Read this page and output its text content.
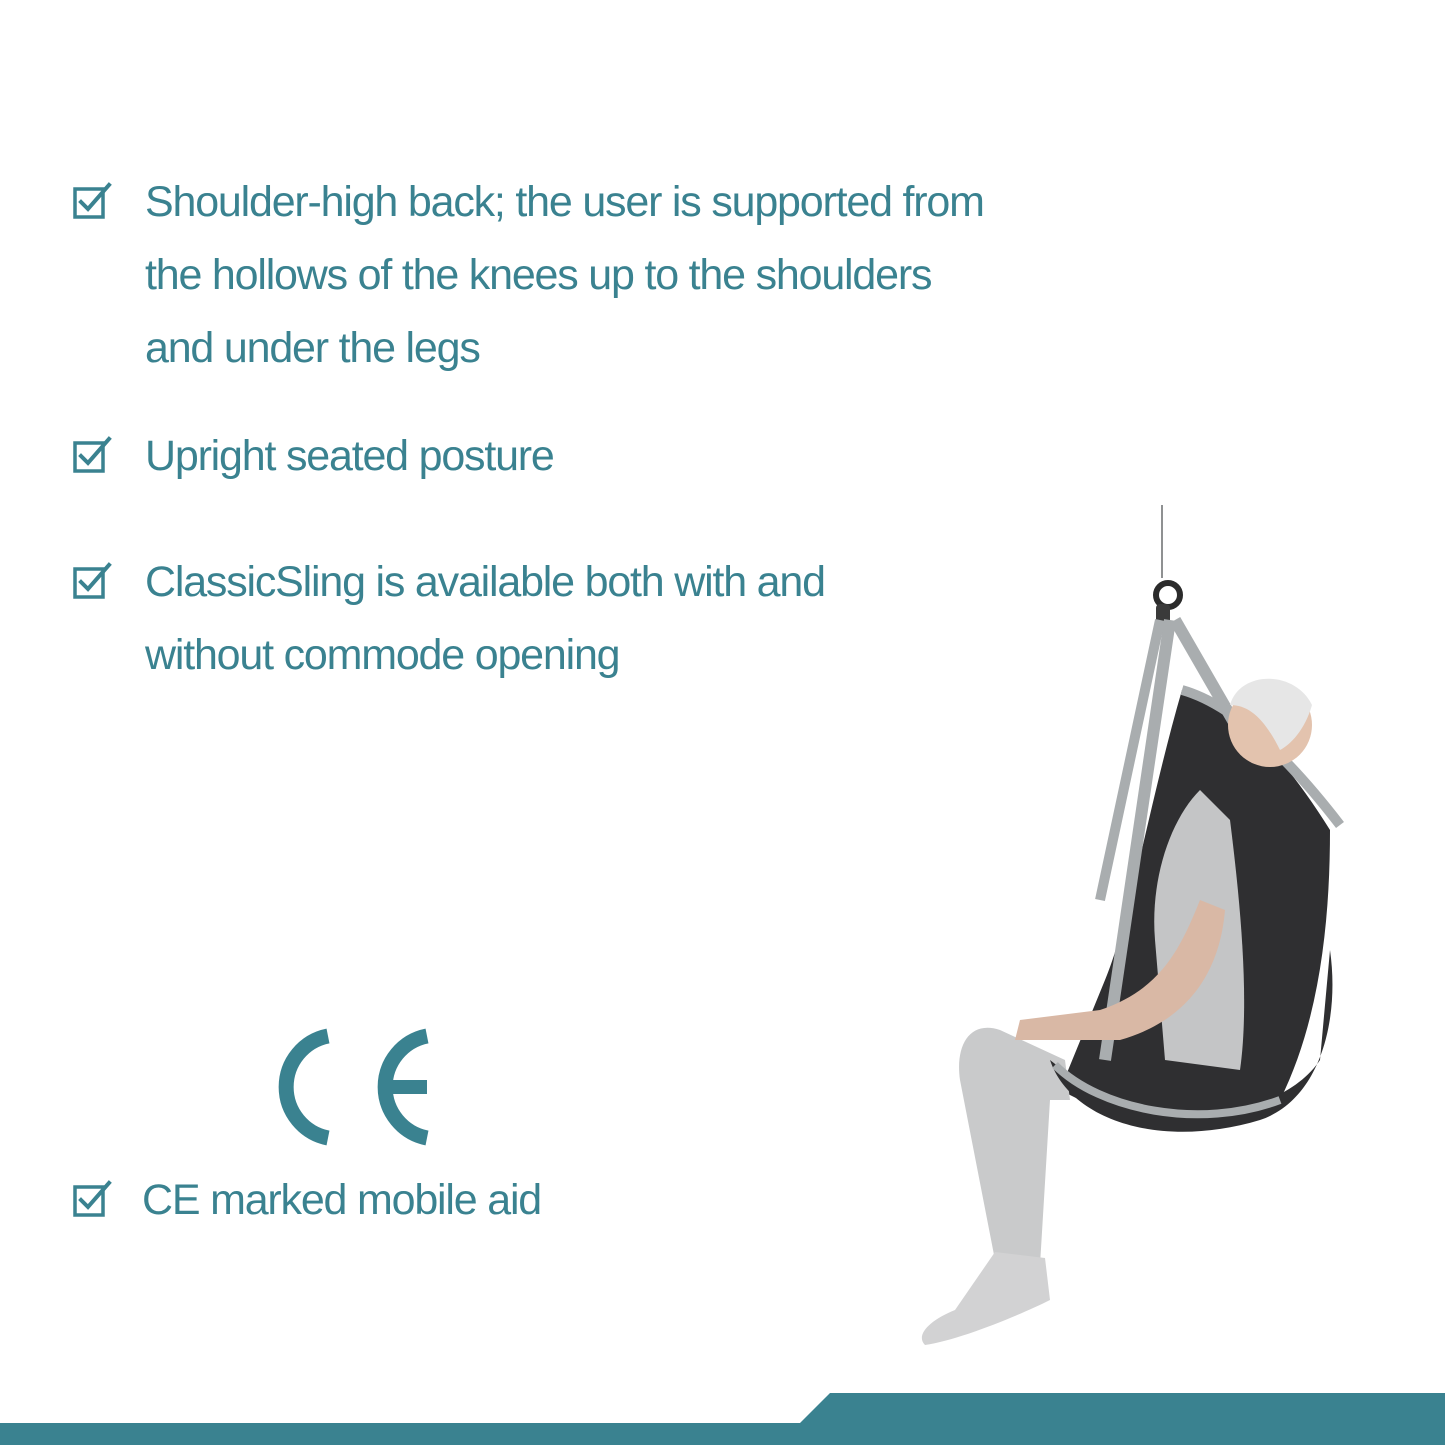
Shoulder-high back; the user is supported from
the hollows of the knees up to the shoulders
and under the legs
Upright seated posture
ClassicSling is available both with and
without commode opening
CE marked mobile aid
